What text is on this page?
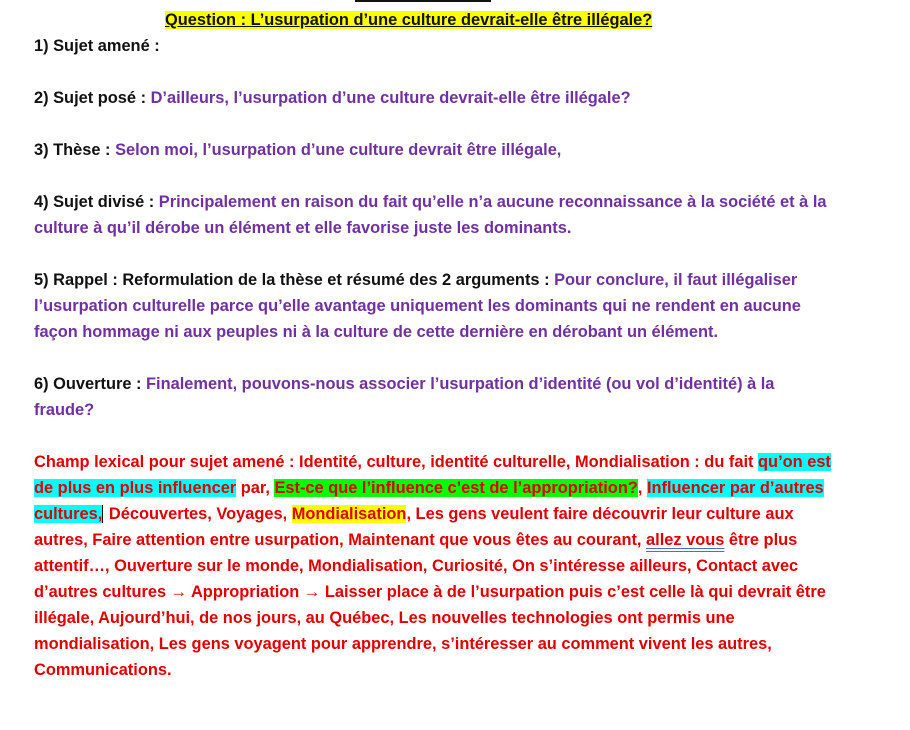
Question : L’usurpation d’une culture devrait-elle être illégale?

1) Sujet amené :

2) Sujet posé : D’ailleurs, l’usurpation d’une culture devrait-elle être illégale?

3) Thèse : Selon moi, l’usurpation d’une culture devrait être illégale,

4) Sujet divisé : Principalement en raison du fait qu’elle n’a aucune reconnaissance à la société et à la culture à qu’il dérobe un élément et elle favorise juste les dominants.

5) Rappel : Reformulation de la thèse et résumé des 2 arguments : Pour conclure, il faut illégaliser l’usurpation culturelle parce qu’elle avantage uniquement les dominants qui ne rendent en aucune façon hommage ni aux peuples ni à la culture de cette dernière en dérobant un élément.

6) Ouverture : Finalement, pouvons-nous associer l’usurpation d’identité (ou vol d’identité) à la fraude?

Champ lexical pour sujet amené : Identité, culture, identité culturelle, Mondialisation : du fait qu’on est de plus en plus influencer par, Est-ce que l’influence c’est de l’appropriation?, Influencer par d’autres cultures, Découvertes, Voyages, Mondialisation, Les gens veulent faire découvrir leur culture aux autres, Faire attention entre usurpation, Maintenant que vous êtes au courant, allez vous être plus attentif…, Ouverture sur le monde, Mondialisation, Curiosité, On s’intéresse ailleurs, Contact avec d’autres cultures → Appropriation → Laisser place à de l’usurpation puis c’est celle là qui devrait être illégale, Aujourd’hui, de nos jours, au Québec, Les nouvelles technologies ont permis une mondialisation, Les gens voyagent pour apprendre, s’intéresser au comment vivent les autres, Communications.
